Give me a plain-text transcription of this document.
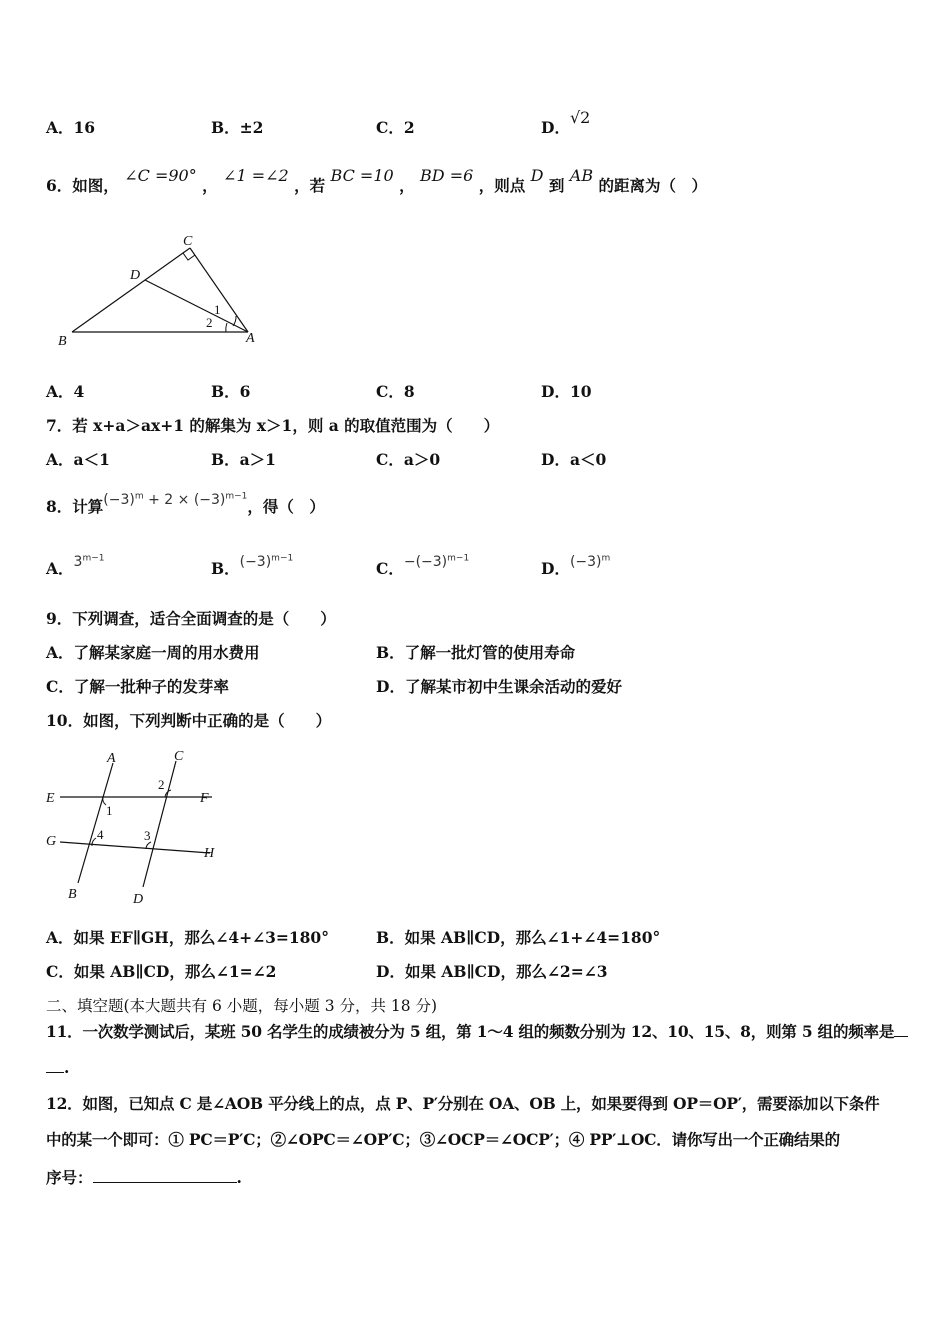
A．16	B．±2	C．2	D．√2
6．如图， ∠C =90° ， ∠1 =∠2 ，若 BC =10 ， BD =6 ，则点 D 到 AB 的距离为（　）
C
D
B	A
1
2
A．4	B．6	C．8	D．10
7．若 x+a＞ax+1 的解集为 x＞1，则 a 的取值范围为（　　）
A．a＜1	B．a＞1	C．a＞0	D．a＜0
8．计算$(-3)^m + 2 \times (-3)^{m-1}$，得（　）
A．$3^{m-1}$
B．$(-3)^{m-1}$
C．$-(-3)^{m-1}$
D．$(-3)^m$
9．下列调查，适合全面调查的是（　　）
A．了解某家庭一周的用水费用	B．了解一批灯管的使用寿命
C．了解一批种子的发芽率	D．了解某市初中生课余活动的爱好
10．如图，下列判断中正确的是（　　）
A	C
E	F
G
H
B	D
1
2
3
4
A．如果 EF∥GH，那么∠4+∠3=180°	B．如果 AB∥CD，那么∠1+∠4=180°
C．如果 AB∥CD，那么∠1=∠2	D．如果 AB∥CD，那么∠2=∠3
二、填空题(本大题共有 6 小题，每小题 3 分，共 18 分)
11．一次数学测试后，某班 50 名学生的成绩被分为 5 组，第 1～4 组的频数分别为 12、10、15、8，则第 5 组的频率是
.
12．如图，已知点 C 是∠AOB 平分线上的点，点 P、P′分别在 OA、OB 上，如果要得到 OP＝OP′，需要添加以下条件
中的某一个即可：① PC＝P′C；②∠OPC＝∠OP′C；③∠OCP＝∠OCP′；④ PP′⊥OC．请你写出一个正确结果的
序号：	.
